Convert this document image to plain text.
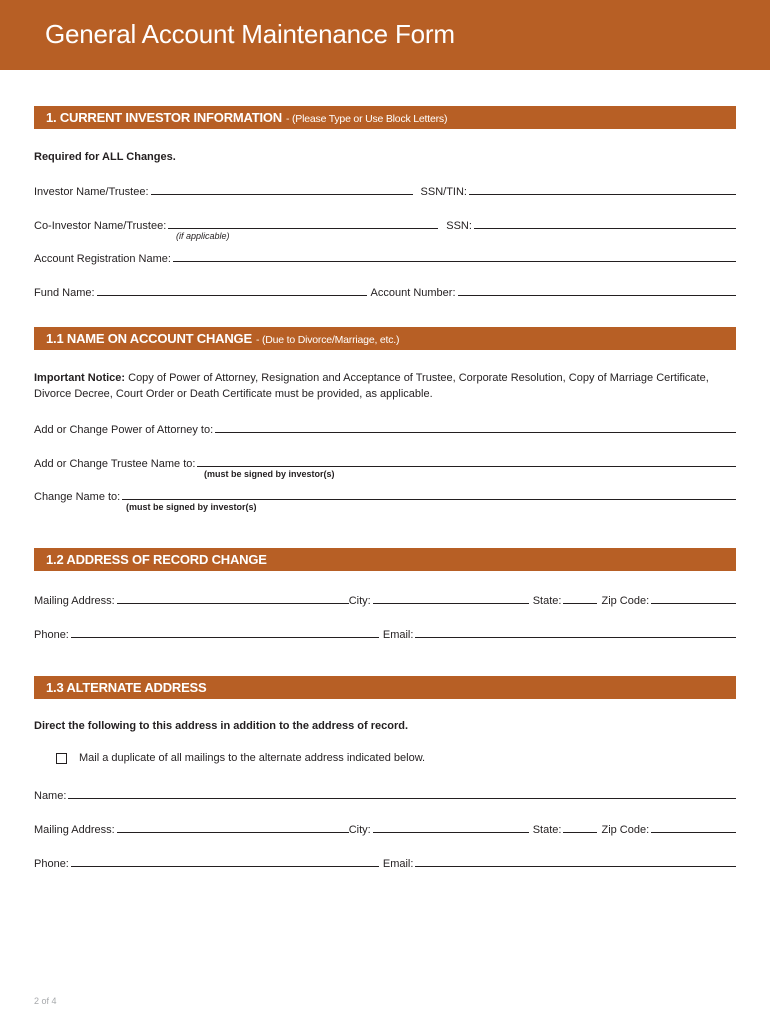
General Account Maintenance Form
1. CURRENT INVESTOR INFORMATION - (Please Type or Use Block Letters)
Required for ALL Changes.
Investor Name/Trustee:	SSN/TIN:
Co-Investor Name/Trustee:	SSN:
(if applicable)
Account Registration Name:
Fund Name:	Account Number:
1.1 NAME ON ACCOUNT CHANGE - (Due to Divorce/Marriage, etc.)
Important Notice: Copy of Power of Attorney, Resignation and Acceptance of Trustee, Corporate Resolution, Copy of Marriage Certificate, Divorce Decree, Court Order or Death Certificate must be provided, as applicable.
Add or Change Power of Attorney to:
Add or Change Trustee Name to:
(must be signed by investor(s)
Change Name to:
(must be signed by investor(s)
1.2 ADDRESS OF RECORD CHANGE
Mailing Address:	City:	State:	Zip Code:
Phone:	Email:
1.3 ALTERNATE ADDRESS
Direct the following to this address in addition to the address of record.
Mail a duplicate of all mailings to the alternate address indicated below.
Name:
Mailing Address:	City:	State:	Zip Code:
Phone:	Email:
2 of 4
